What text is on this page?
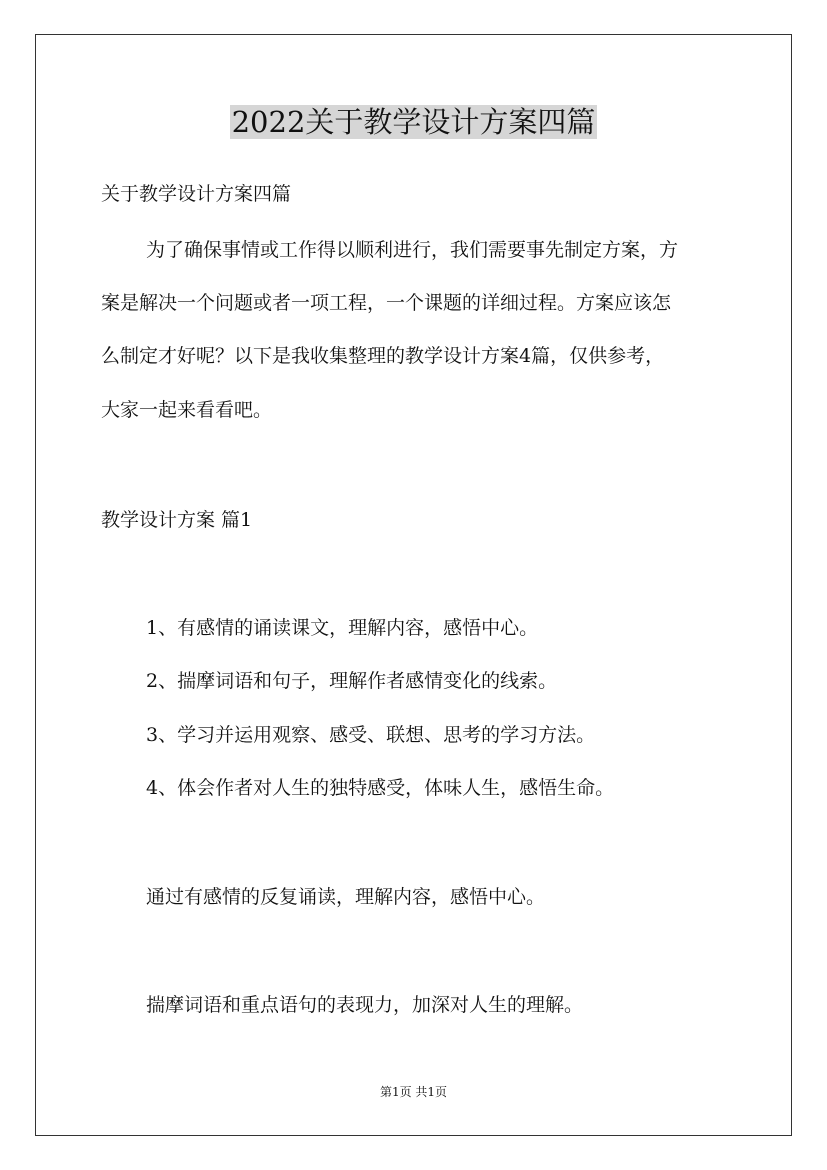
2022关于教学设计方案四篇
关于教学设计方案四篇
为了确保事情或工作得以顺利进行，我们需要事先制定方案，方
案是解决一个问题或者一项工程，一个课题的详细过程。方案应该怎
么制定才好呢？以下是我收集整理的教学设计方案4篇，仅供参考，
大家一起来看看吧。
教学设计方案 篇1
1、有感情的诵读课文，理解内容，感悟中心。
2、揣摩词语和句子，理解作者感情变化的线索。
3、学习并运用观察、感受、联想、思考的学习方法。
4、体会作者对人生的独特感受，体味人生，感悟生命。
通过有感情的反复诵读，理解内容，感悟中心。
揣摩词语和重点语句的表现力，加深对人生的理解。
第1页 共1页
